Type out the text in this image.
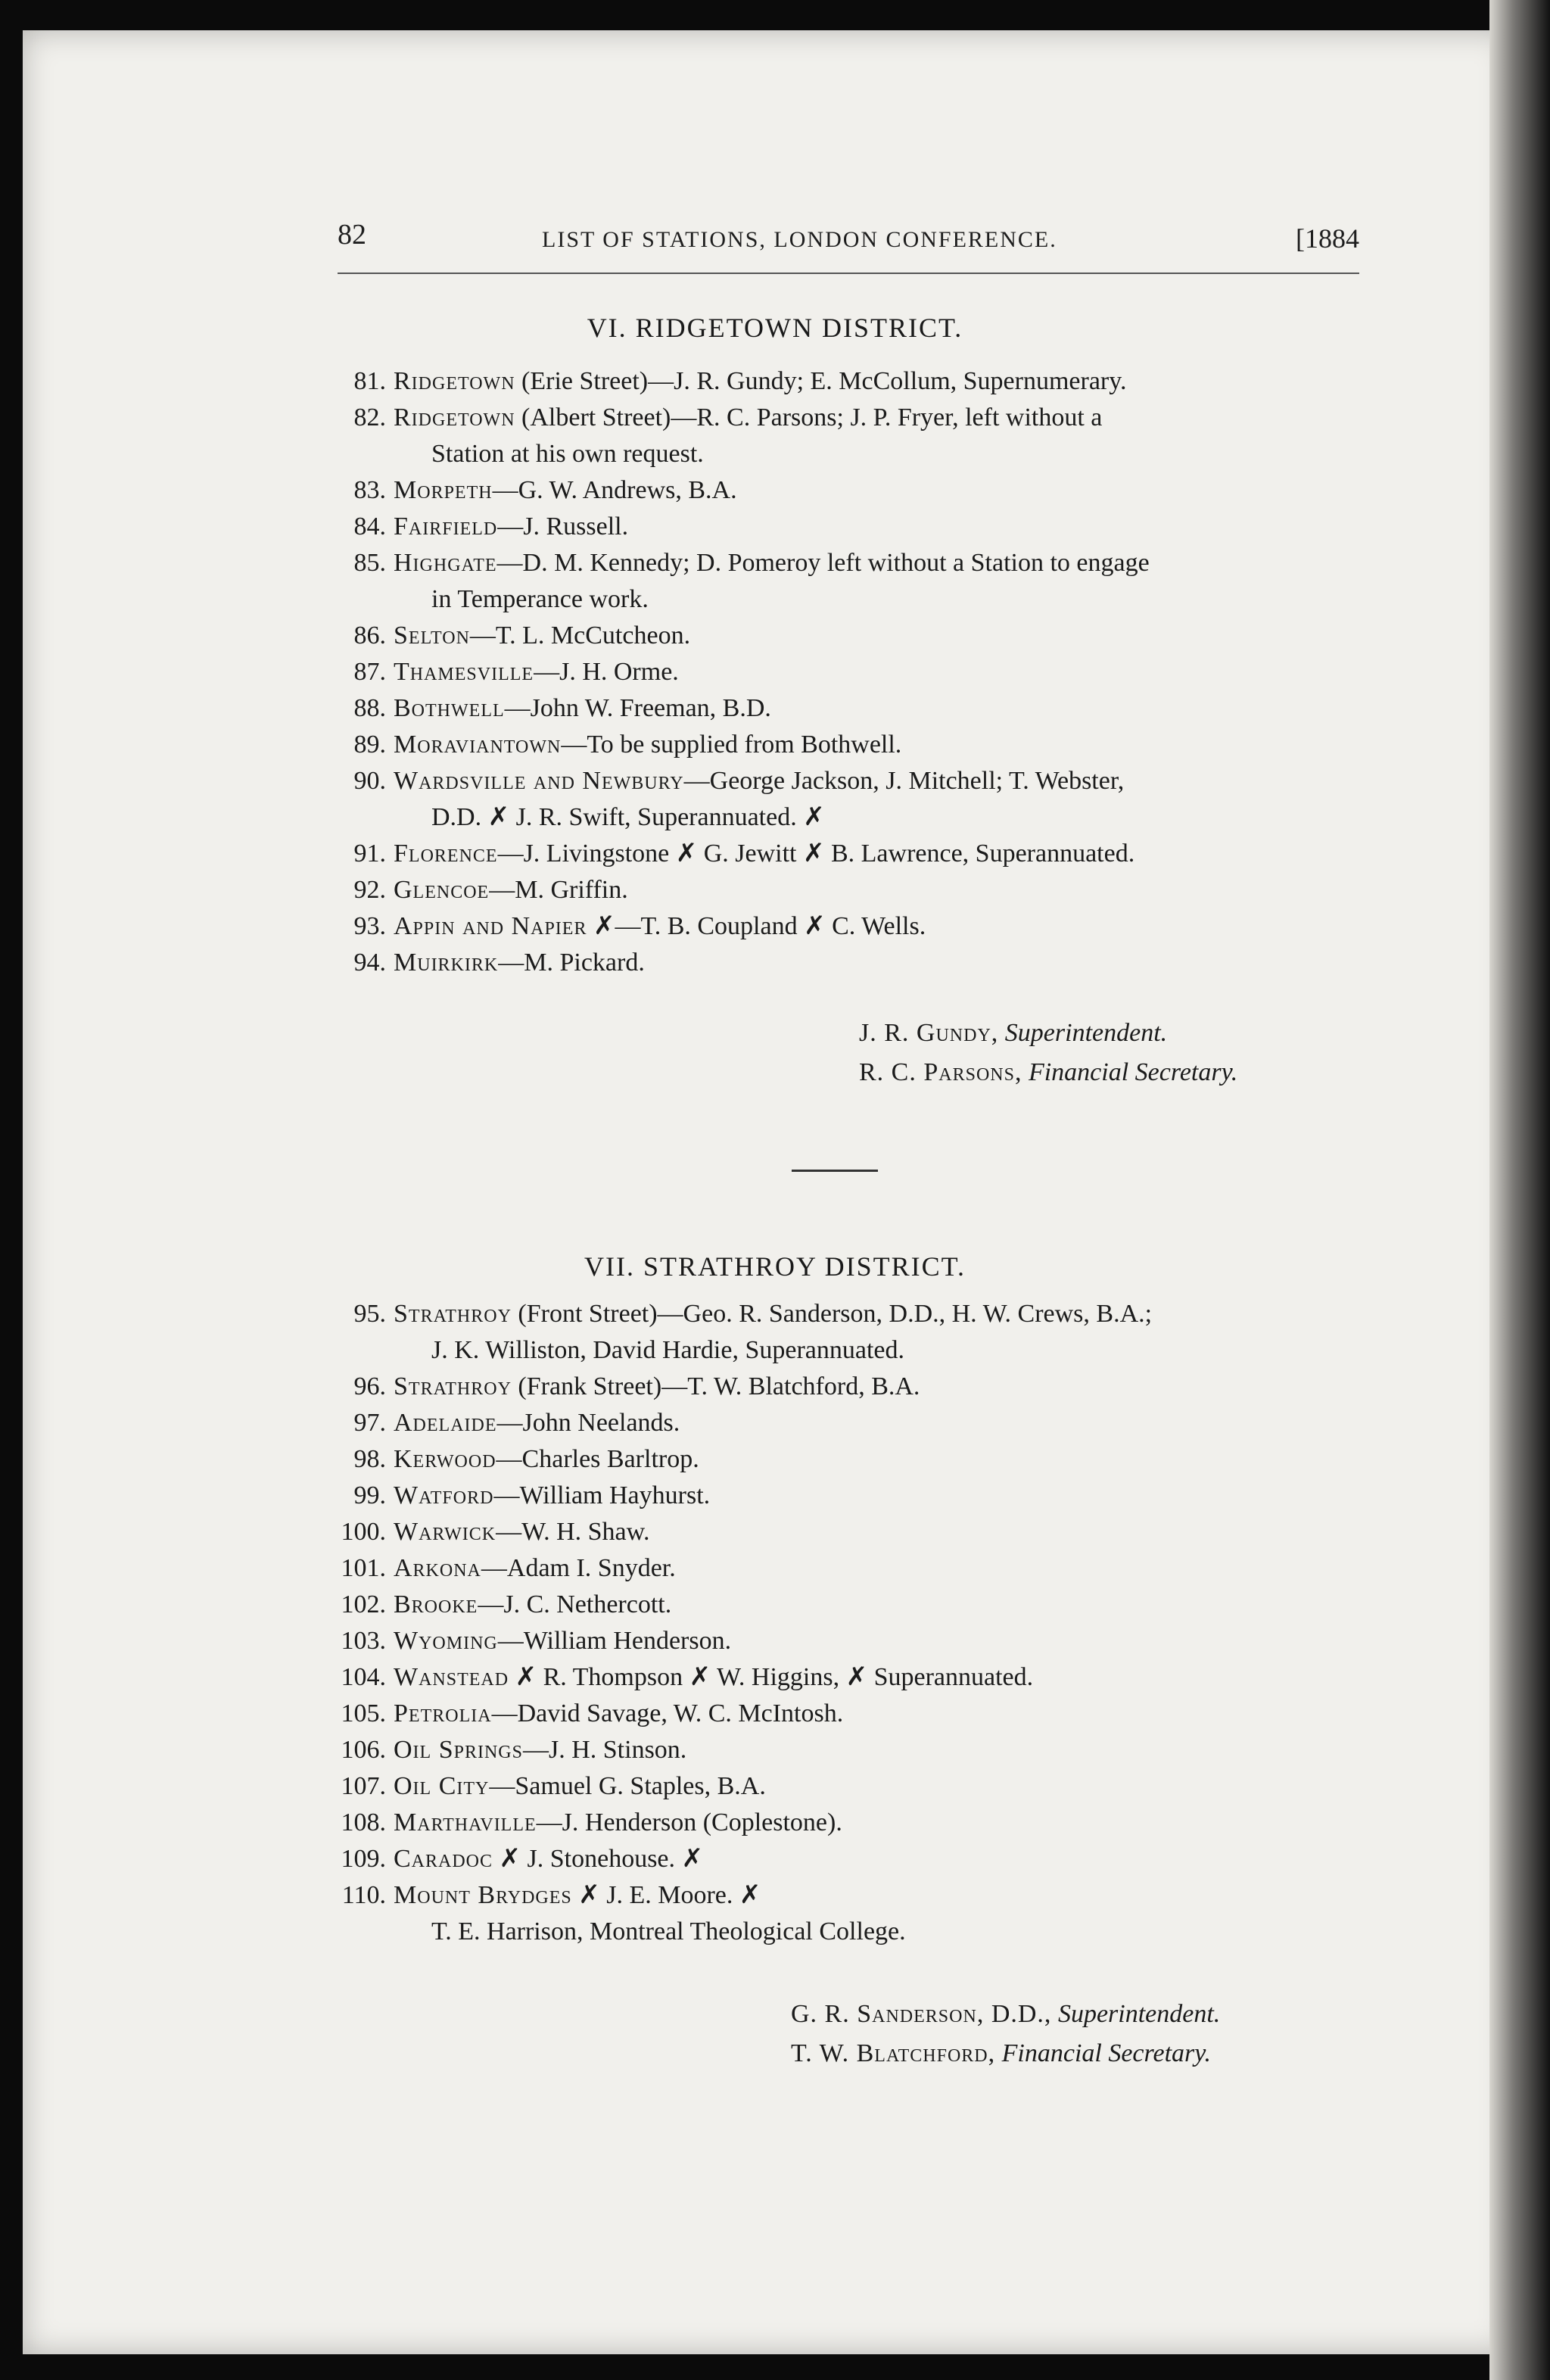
82	LIST OF STATIONS, LONDON CONFERENCE.	[1884
VI. RIDGETOWN DISTRICT.
81. Ridgetown (Erie Street)—J. R. Gundy; E. McCollum, Supernumerary.
82. Ridgetown (Albert Street)—R. C. Parsons; J. P. Fryer, left without a
Station at his own request.
83. Morpeth—G. W. Andrews, B.A.
84. Fairfield—J. Russell.
85. Highgate—D. M. Kennedy; D. Pomeroy left without a Station to engage
in Temperance work.
86. Selton—T. L. McCutcheon.
87. Thamesville—J. H. Orme.
88. Bothwell—John W. Freeman, B.D.
89. Moraviantown—To be supplied from Bothwell.
90. Wardsville and Newbury—George Jackson, J. Mitchell; T. Webster,
D.D. ✗ J. R. Swift, Superannuated. ✗
91. Florence—J. Livingstone ✗ G. Jewitt ✗ B. Lawrence, Superannuated.
92. Glencoe—M. Griffin.
93. Appin and Napier ✗—T. B. Coupland ✗ C. Wells.
94. Muirkirk—M. Pickard.
J. R. Gundy, Superintendent.
R. C. Parsons, Financial Secretary.
VII. STRATHROY DISTRICT.
95. Strathroy (Front Street)—Geo. R. Sanderson, D.D., H. W. Crews, B.A.;
J. K. Williston, David Hardie, Superannuated.
96. Strathroy (Frank Street)—T. W. Blatchford, B.A.
97. Adelaide—John Neelands.
98. Kerwood—Charles Barltrop.
99. Watford—William Hayhurst.
100. Warwick—W. H. Shaw.
101. Arkona—Adam I. Snyder.
102. Brooke—J. C. Nethercott.
103. Wyoming—William Henderson.
104. Wanstead ✗ R. Thompson ✗ W. Higgins, ✗ Superannuated.
105. Petrolia—David Savage, W. C. McIntosh.
106. Oil Springs—J. H. Stinson.
107. Oil City—Samuel G. Staples, B.A.
108. Marthaville—J. Henderson (Coplestone).
109. Caradoc ✗ J. Stonehouse. ✗
110. Mount Brydges ✗ J. E. Moore. ✗
T. E. Harrison, Montreal Theological College.
G. R. Sanderson, D.D., Superintendent.
T. W. Blatchford, Financial Secretary.
